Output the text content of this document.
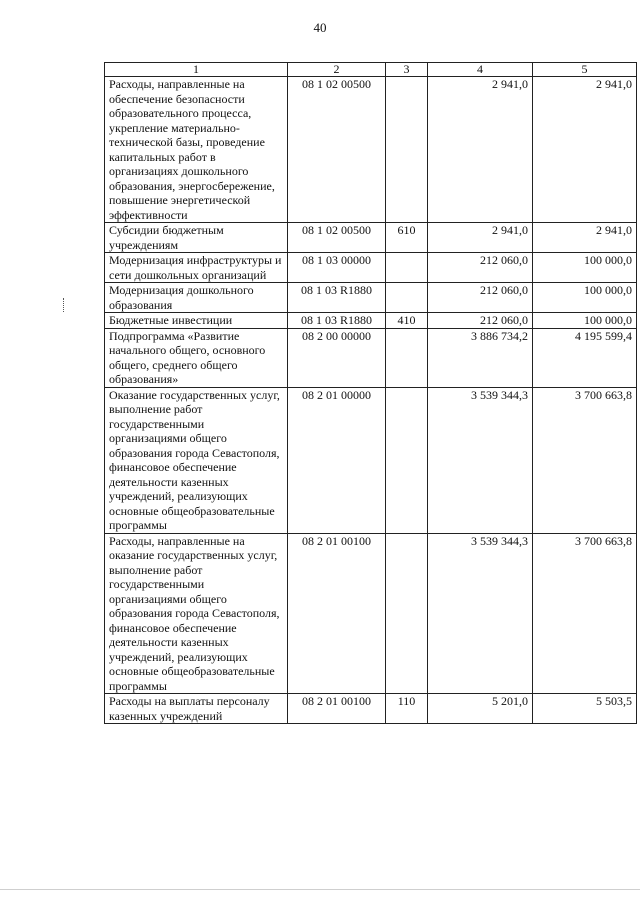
40
1	2	3	4	5
Расходы, направленные на обеспечение безопасности образовательного процесса, укрепление материально-технической базы, проведение капитальных работ в организациях дошкольного образования, энергосбережение, повышение энергетической эффективности	08 1 02 00500		2 941,0	2 941,0
Субсидии бюджетным учреждениям	08 1 02 00500	610	2 941,0	2 941,0
Модернизация инфраструктуры и сети дошкольных организаций	08 1 03 00000		212 060,0	100 000,0
Модернизация дошкольного образования	08 1 03 R1880		212 060,0	100 000,0
Бюджетные инвестиции	08 1 03 R1880	410	212 060,0	100 000,0
Подпрограмма «Развитие начального общего, основного общего, среднего общего образования»	08 2 00 00000		3 886 734,2	4 195 599,4
Оказание государственных услуг, выполнение работ государственными организациями общего образования города Севастополя, финансовое обеспечение деятельности казенных учреждений, реализующих основные общеобразовательные программы	08 2 01 00000		3 539 344,3	3 700 663,8
Расходы, направленные на оказание государственных услуг, выполнение работ государственными организациями общего образования города Севастополя, финансовое обеспечение деятельности казенных учреждений, реализующих основные общеобразовательные программы	08 2 01 00100		3 539 344,3	3 700 663,8
Расходы на выплаты персоналу казенных учреждений	08 2 01 00100	110	5 201,0	5 503,5
